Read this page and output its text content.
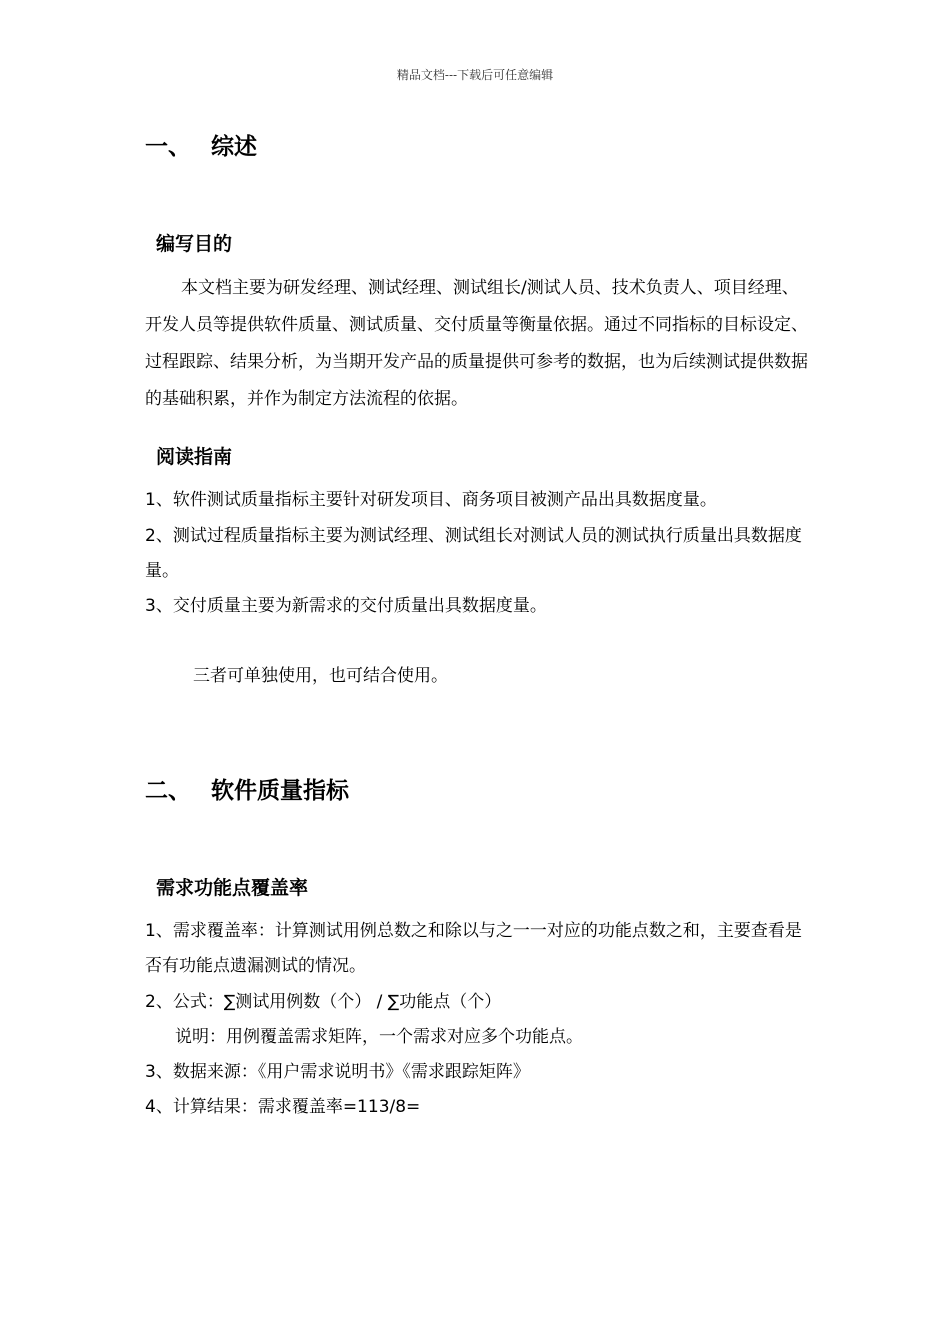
精品文档---下载后可任意编辑
一、 综述
编写目的

本文档主要为研发经理、测试经理、测试组长/测试人员、技术负责人、项目经理、开发人员等提供软件质量、测试质量、交付质量等衡量依据。通过不同指标的目标设定、过程跟踪、结果分析，为当期开发产品的质量提供可参考的数据，也为后续测试提供数据的基础积累，并作为制定方法流程的依据。

阅读指南

1、软件测试质量指标主要针对研发项目、商务项目被测产品出具数据度量。

2、测试过程质量指标主要为测试经理、测试组长对测试人员的测试执行质量出具数据度量。

3、交付质量主要为新需求的交付质量出具数据度量。

三者可单独使用，也可结合使用。

二、 软件质量指标
需求功能点覆盖率

1、需求覆盖率：计算测试用例总数之和除以与之一一对应的功能点数之和，主要查看是否有功能点遗漏测试的情况。

2、公式：∑测试用例数（个） / ∑功能点（个）

说明：用例覆盖需求矩阵，一个需求对应多个功能点。

3、数据来源：《用户需求说明书》《需求跟踪矩阵》

4、计算结果：需求覆盖率=113/8=
